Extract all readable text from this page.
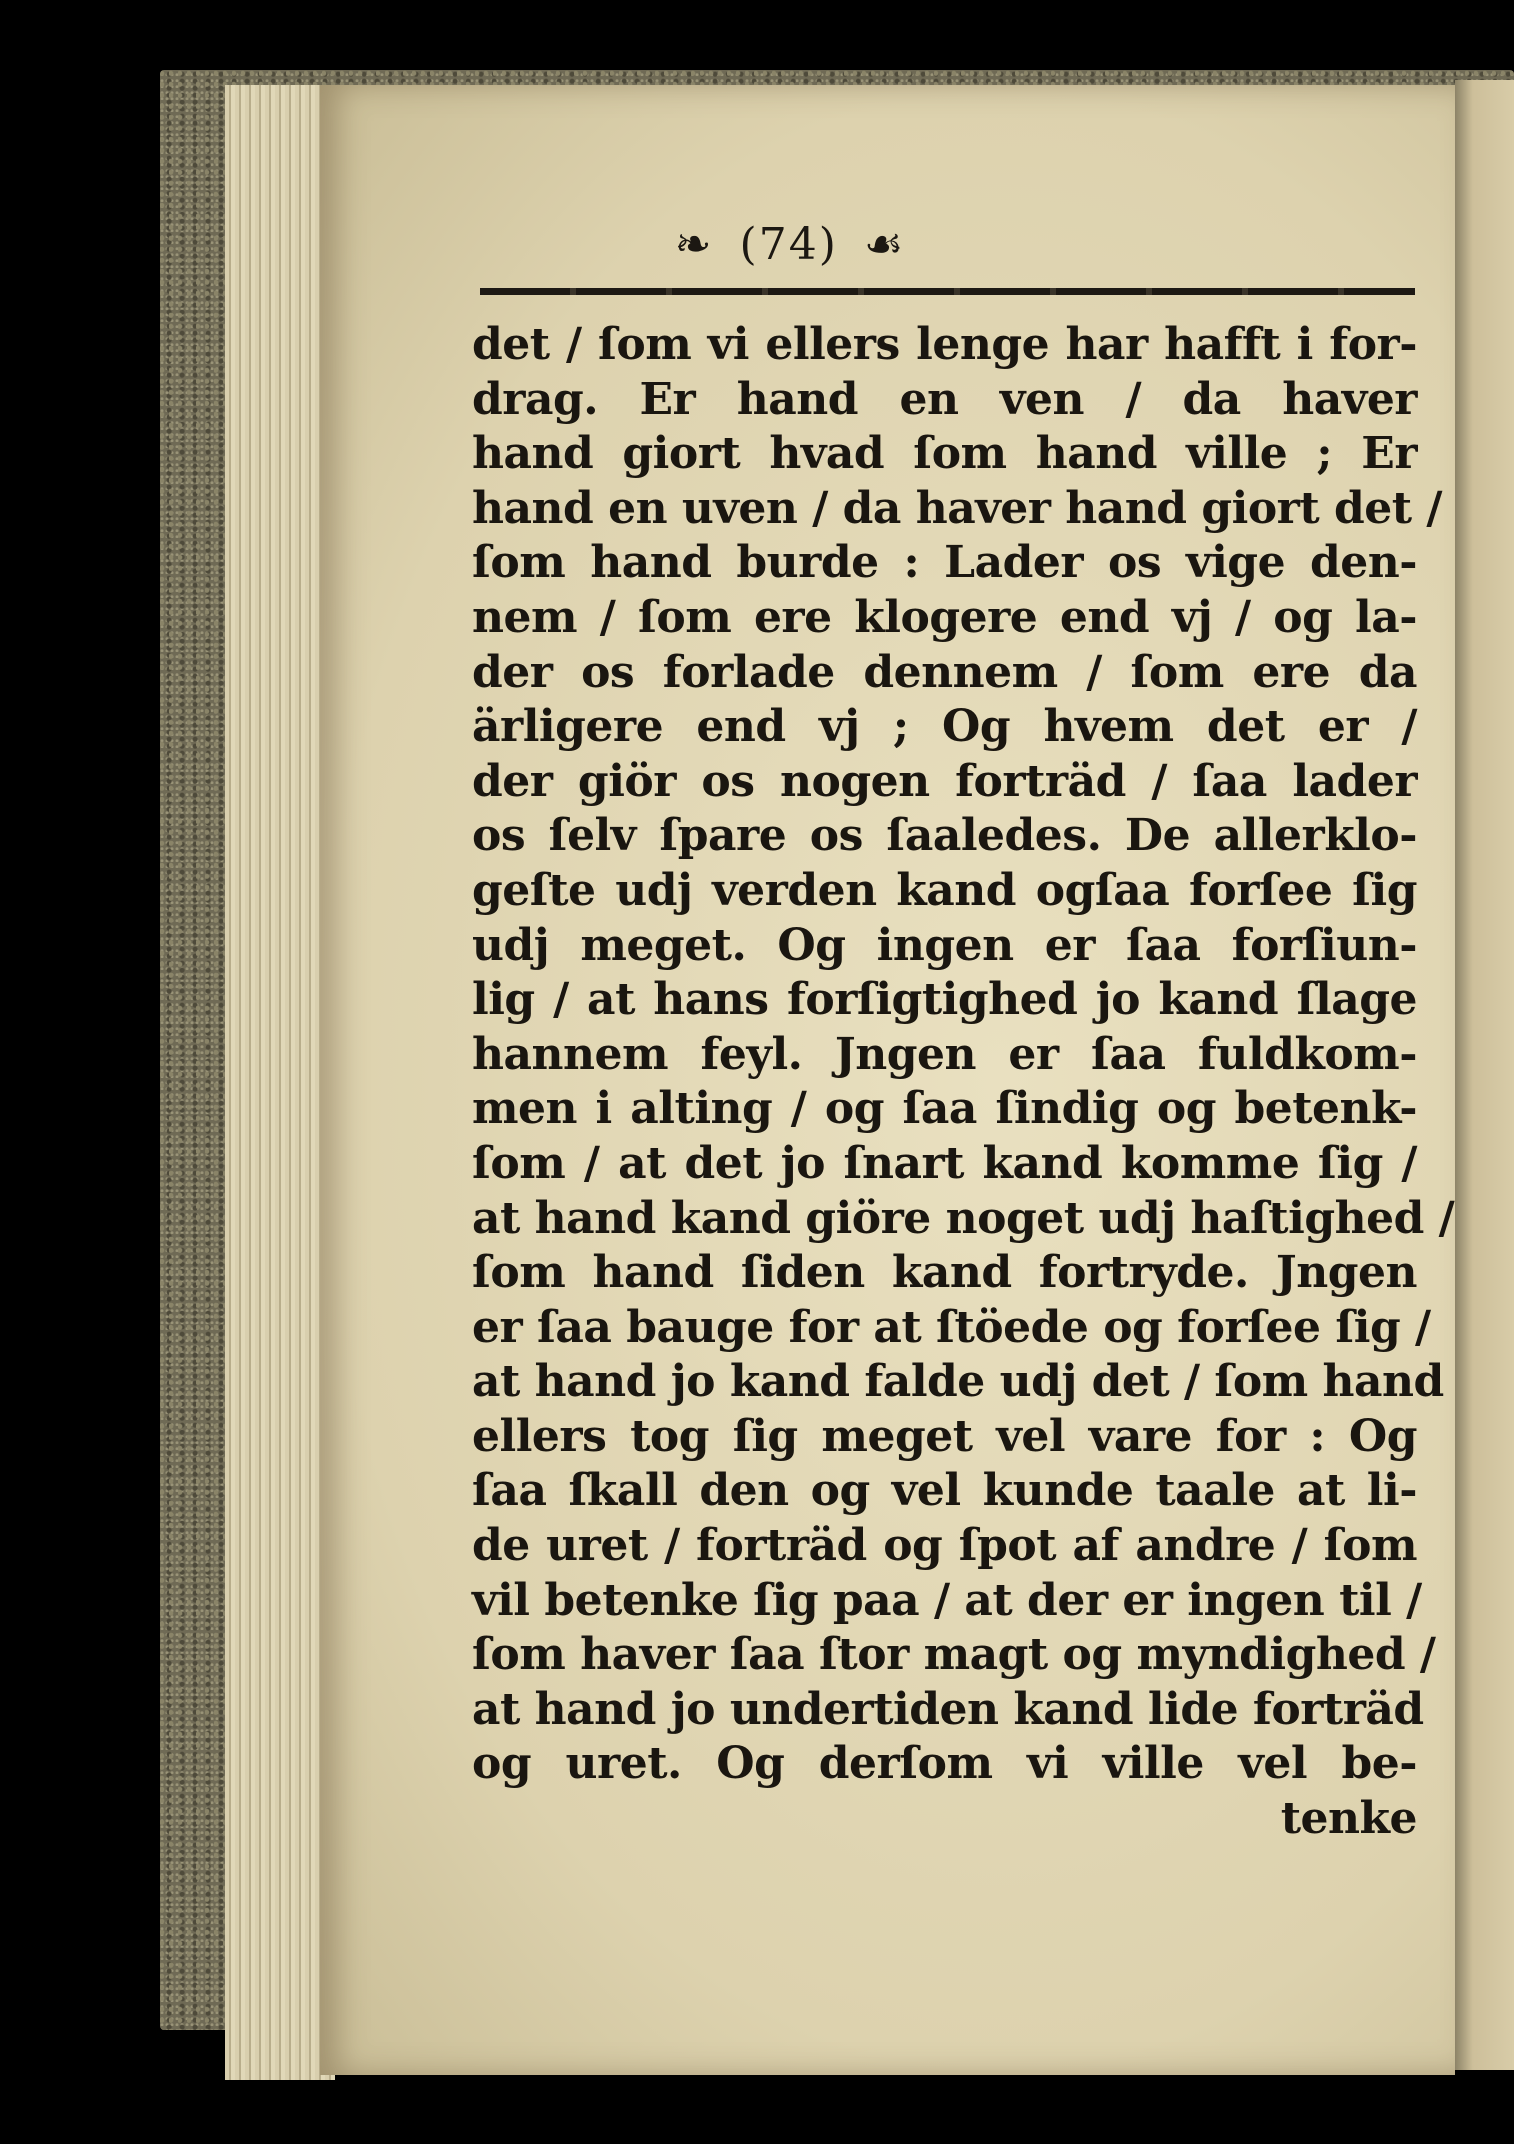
❧ (74) ☙
det / ſom vi ellers lenge har hafft i for-
drag. Er hand en ven / da haver
hand giort hvad ſom hand ville ; Er
hand en uven / da haver hand giort det /
ſom hand burde : Lader os vige den-
nem / ſom ere klogere end vj / og la-
der os forlade dennem / ſom ere da
ärligere end vj ; Og hvem det er /
der giör os nogen forträd / ſaa lader
os ſelv ſpare os ſaaledes. De allerklo-
geſte udj verden kand ogſaa forſee ſig
udj meget. Og ingen er ſaa forſiun-
lig / at hans forſigtighed jo kand ſlage
hannem feyl. Jngen er ſaa fuldkom-
men i alting / og ſaa ſindig og betenk-
ſom / at det jo ſnart kand komme ſig /
at hand kand giöre noget udj haſtighed /
ſom hand ſiden kand fortryde. Jngen
er ſaa bauge for at ſtöede og forſee ſig /
at hand jo kand falde udj det / ſom hand
ellers tog ſig meget vel vare for : Og
ſaa ſkall den og vel kunde taale at li-
de uret / forträd og ſpot af andre / ſom
vil betenke ſig paa / at der er ingen til /
ſom haver ſaa ſtor magt og myndighed /
at hand jo undertiden kand lide forträd
og uret. Og derſom vi ville vel be-
tenke
